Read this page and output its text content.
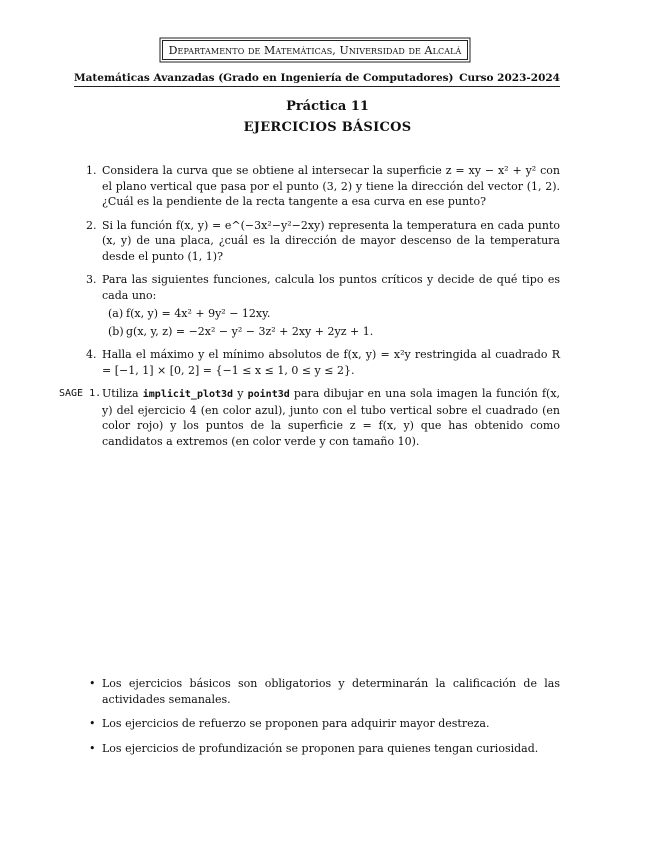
Departamento de Matemáticas, Universidad de Alcalá
Matemáticas Avanzadas (Grado en Ingeniería de Computadores) Curso 2023-2024
Práctica 11
EJERCICIOS BÁSICOS
1. Considera la curva que se obtiene al intersecar la superficie z = xy − x² + y² con el plano vertical que pasa por el punto (3, 2) y tiene la dirección del vector (1, 2). ¿Cuál es la pendiente de la recta tangente a esa curva en ese punto?
2. Si la función f(x, y) = e^(−3x²−y²−2xy) representa la temperatura en cada punto (x, y) de una placa, ¿cuál es la dirección de mayor descenso de la temperatura desde el punto (1, 1)?
3. Para las siguientes funciones, calcula los puntos críticos y decide de qué tipo es cada uno:
(a) f(x, y) = 4x² + 9y² − 12xy.
(b) g(x, y, z) = −2x² − y² − 3z² + 2xy + 2yz + 1.
4. Halla el máximo y el mínimo absolutos de f(x, y) = x²y restringida al cuadrado R = [−1, 1] × [0, 2] = {−1 ≤ x ≤ 1, 0 ≤ y ≤ 2}.
SAGE 1. Utiliza implicit_plot3d y point3d para dibujar en una sola imagen la función f(x, y) del ejercicio 4 (en color azul), junto con el tubo vertical sobre el cuadrado (en color rojo) y los puntos de la superficie z = f(x, y) que has obtenido como candidatos a extremos (en color verde y con tamaño 10).
• Los ejercicios básicos son obligatorios y determinarán la calificación de las actividades semanales.
• Los ejercicios de refuerzo se proponen para adquirir mayor destreza.
• Los ejercicios de profundización se proponen para quienes tengan curiosidad.
